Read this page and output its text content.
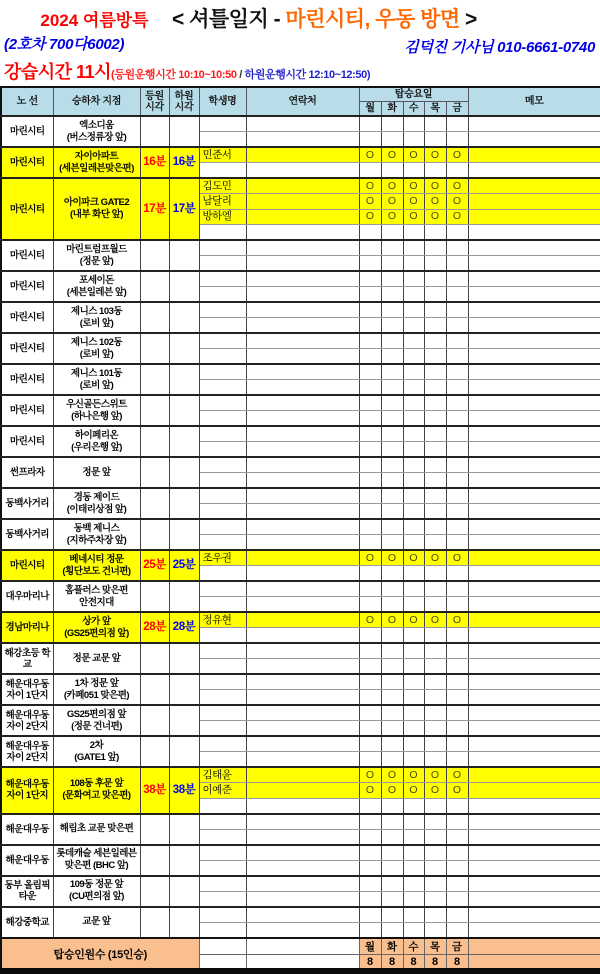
2024 여름방특	< 셔틀일지 - 마린시티, 우동 방면 >
(2호차 700다6002)	김덕진 기사님 010-6661-0740
강습시간 11시(등원운행시간 10:10~10:50 / 하원운행시간 12:10~12:50)
노 선	승하차 지점	등원
시각

하원
시각	학생명	연락처	탑승요일	메모
						월	화	수	목	금	
마린시티	엑소디움
(버스정류장 앞)										

마린시티	자이아파트
(세븐일레븐맞은편)	16분	16분	민준서		O	O	O	O	O	

마린시티	아이파크 GATE2
(내부 화단 앞)	17분	17분	김도민		O	O	O	O	O	
				남달리		O	O	O	O	O	
				방하엘		O	O	O	O	O	

마린시티	마린트럼프월드
(정문 앞)										

마린시티	포세이돈
(세븐일레븐 앞)										

마린시티	제니스 103동
(로비 앞)										

마린시티	제니스 102동
(로비 앞)										

마린시티	제니스 101동
(로비 앞)										

마린시티	우신골든스위트
(하나은행 앞)										

마린시티	하이페리온
(우리은행 앞)										

썬프라자	정문 앞										

동백사거리	경동 제이드
(이태리상점 앞)										

동백사거리	동백 제니스
(지하주차장 앞)										

마린시티	베네시티 정문
(횡단보도 건너편)	25분	25분	조우권		O	O	O	O	O	

대우마리나	홈플러스 맞은편
안전지대										

경남마리나	상가 앞
(GS25편의점 앞)	28분	28분	정유현		O	O	O	O	O	

해강초등 학교	정문 교문 앞										

해운대우동 자이 1단지	1차 정문 앞
(카페051 맞은편)										

해운대우동 자이 2단지	GS25편의점 앞
(정문 건너편)										

해운대우동 자이 2단지	2차
(GATE1 앞)										

해운대우동 자이 1단지	108동 후문 앞
(문화여고 맞은편)	38분	38분	김태윤		O	O	O	O	O	
				이예준		O	O	O	O	O	

해운대우동	해림초 교문 맞은편										

해운대우동	롯데캐슬 세븐일레븐
맞은편 (BHC 앞)										

동부 올림픽타운	109동 정문 앞
(CU편의점 앞)										

해강중학교	교문 앞										

탑승인원수 (15인승)						월	화	수	목	금	
						8	8	8	8	8	
